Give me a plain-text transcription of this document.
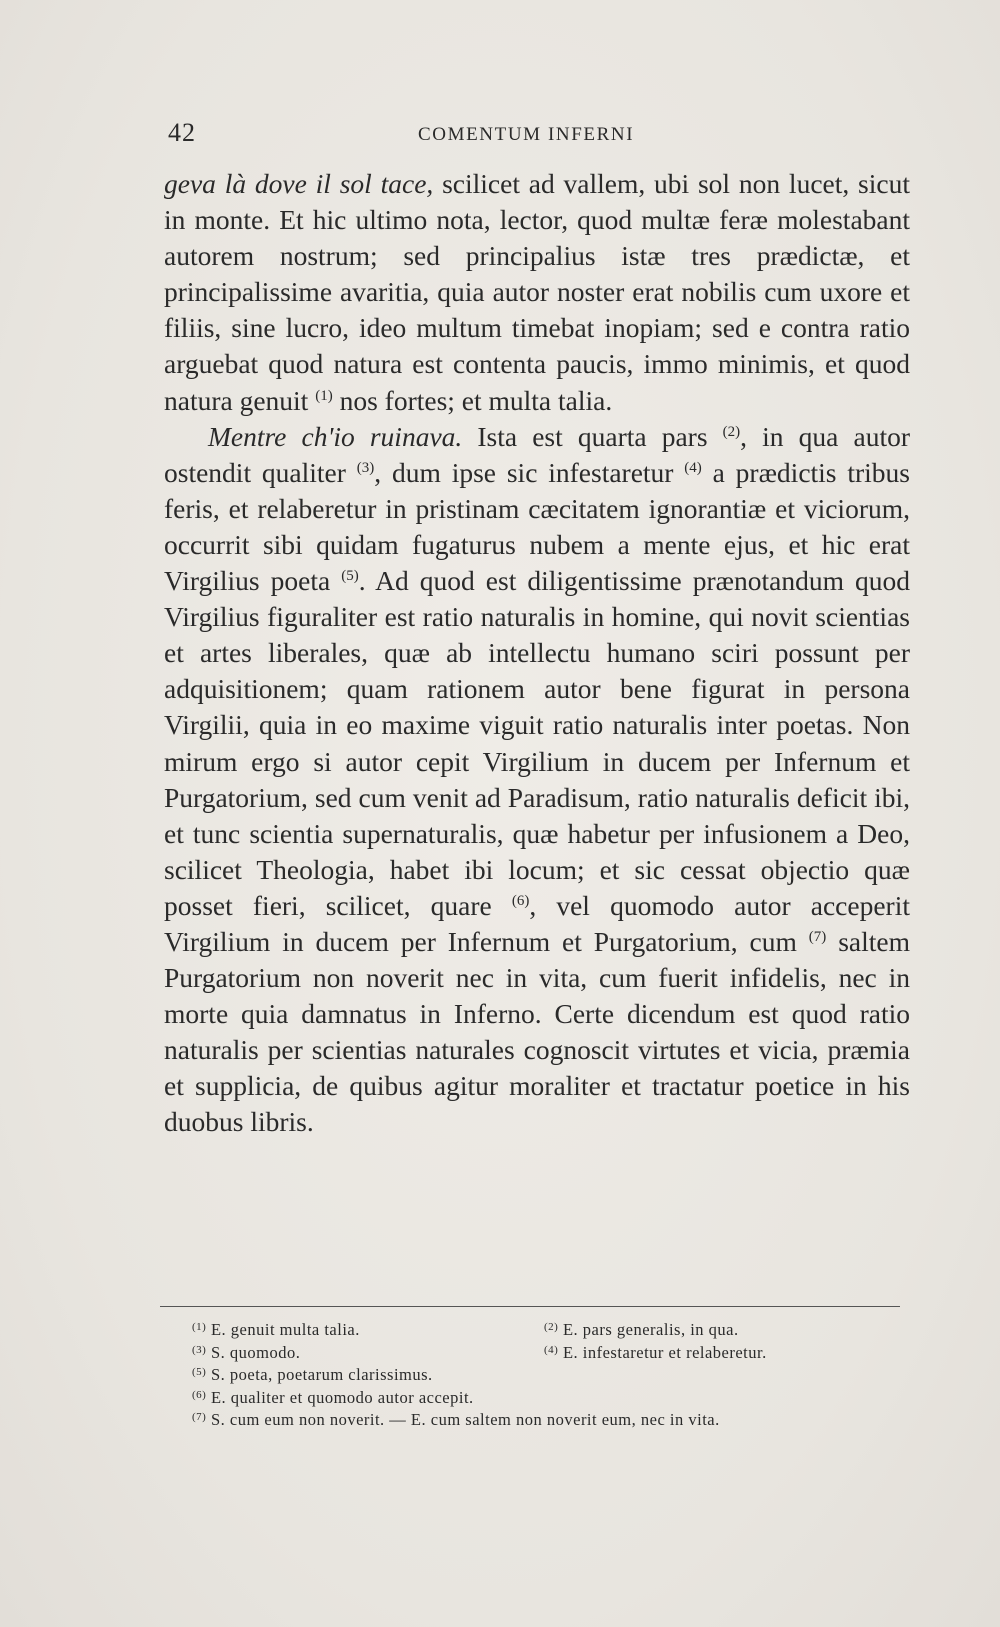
42	COMENTUM INFERNI

geva là dove il sol tace, scilicet ad vallem, ubi sol non lucet, sicut in monte. Et hic ultimo nota, lector, quod multæ feræ molestabant autorem nostrum; sed principalius istæ tres prædictæ, et principalissime avaritia, quia autor noster erat nobilis cum uxore et filiis, sine lucro, ideo multum timebat inopiam; sed e contra ratio arguebat quod natura est contenta paucis, immo minimis, et quod natura genuit $^{(1)}$ nos fortes; et multa talia.

Mentre ch'io ruinava. Ista est quarta pars $^{(2)}$, in qua autor ostendit qualiter $^{(3)}$, dum ipse sic infestaretur $^{(4)}$ a prædictis tribus feris, et relaberetur in pristinam cæcitatem ignorantiæ et viciorum, occurrit sibi quidam fugaturus nubem a mente ejus, et hic erat Virgilius poeta $^{(5)}$. Ad quod est diligentissime prænotandum quod Virgilius figuraliter est ratio naturalis in homine, qui novit scientias et artes liberales, quæ ab intellectu humano sciri possunt per adquisitionem; quam rationem autor bene figurat in persona Virgilii, quia in eo maxime viguit ratio naturalis inter poetas. Non mirum ergo si autor cepit Virgilium in ducem per Infernum et Purgatorium, sed cum venit ad Paradisum, ratio naturalis deficit ibi, et tunc scientia supernaturalis, quæ habetur per infusionem a Deo, scilicet Theologia, habet ibi locum; et sic cessat objectio quæ posset fieri, scilicet, quare $^{(6)}$, vel quomodo autor acceperit Virgilium in ducem per Infernum et Purgatorium, cum $^{(7)}$ saltem Purgatorium non noverit nec in vita, cum fuerit infidelis, nec in morte quia damnatus in Inferno. Certe dicendum est quod ratio naturalis per scientias naturales cognoscit virtutes et vicia, præmia et supplicia, de quibus agitur moraliter et tractatur poetice in his duobus libris.

$^{(1)}$ E. genuit multa talia.	$^{(2)}$ E. pars generalis, in qua.
$^{(3)}$ S. quomodo.	$^{(4)}$ E. infestaretur et relaberetur.
$^{(5)}$ S. poeta, poetarum clarissimus.
$^{(6)}$ E. qualiter et quomodo autor accepit.
$^{(7)}$ S. cum eum non noverit. — E. cum saltem non noverit eum, nec in vita.
